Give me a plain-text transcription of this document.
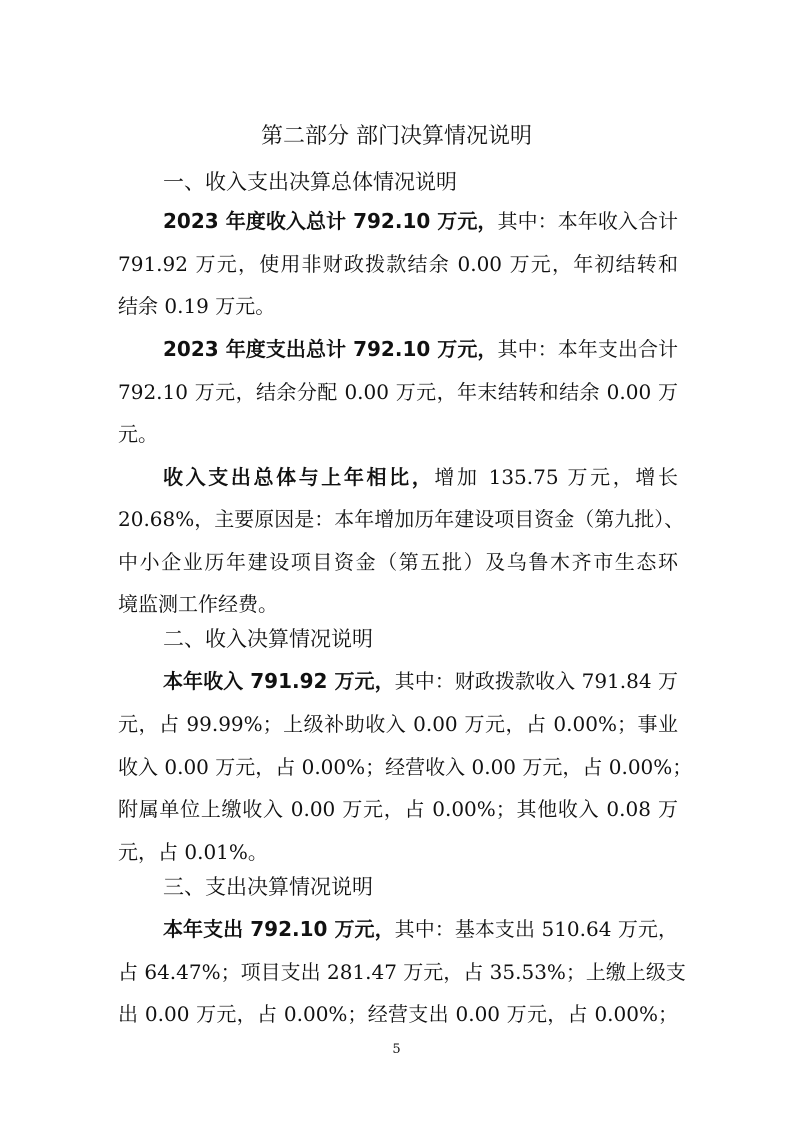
第二部分 部门决算情况说明
一、收入支出决算总体情况说明
2023 年度收入总计 792.10 万元，其中：本年收入合计
791.92 万元，使用非财政拨款结余 0.00 万元，年初结转和
结余 0.19 万元。
2023 年度支出总计 792.10 万元，其中：本年支出合计
792.10 万元，结余分配 0.00 万元，年末结转和结余 0.00 万
元。
收入支出总体与上年相比，增加 135.75 万元，增长
20.68%，主要原因是：本年增加历年建设项目资金（第九批）、
中小企业历年建设项目资金（第五批）及乌鲁木齐市生态环
境监测工作经费。
二、收入决算情况说明
本年收入 791.92 万元，其中：财政拨款收入 791.84 万
元，占 99.99%；上级补助收入 0.00 万元，占 0.00%；事业
收入 0.00 万元，占 0.00%；经营收入 0.00 万元，占 0.00%；
附属单位上缴收入 0.00 万元，占 0.00%；其他收入 0.08 万
元，占 0.01%。
三、支出决算情况说明
本年支出 792.10 万元，其中：基本支出 510.64 万元，
占 64.47%；项目支出 281.47 万元，占 35.53%；上缴上级支
出 0.00 万元，占 0.00%；经营支出 0.00 万元，占 0.00%；
5
